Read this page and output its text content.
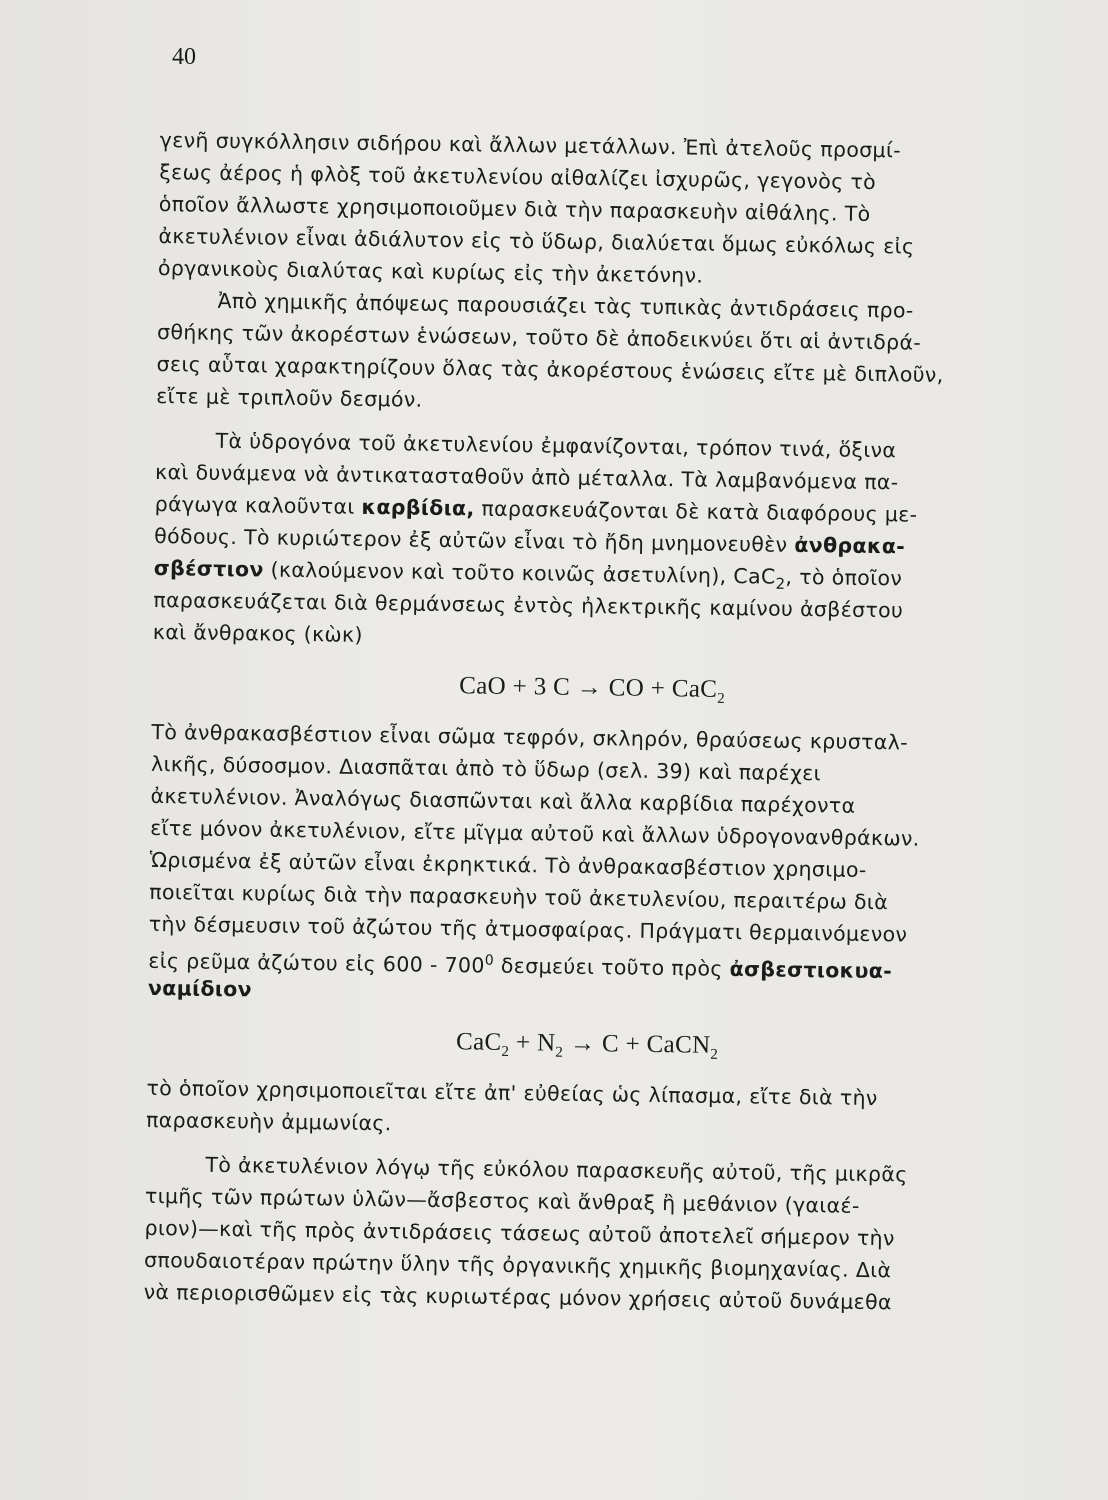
40
γενῆ συγκόλλησιν σιδήρου καὶ ἄλλων μετάλλων. Ἐπὶ ἀτελοῦς προσμί-
ξεως ἀέρος ἡ φλὸξ τοῦ ἀκετυλενίου αἰθαλίζει ἰσχυρῶς, γεγονὸς τὸ
ὁποῖον ἄλλωστε χρησιμοποιοῦμεν διὰ τὴν παρασκευὴν αἰθάλης. Τὸ
ἀκετυλένιον εἶναι ἀδιάλυτον εἰς τὸ ὕδωρ, διαλύεται ὅμως εὐκόλως εἰς
ὀργανικοὺς διαλύτας καὶ κυρίως εἰς τὴν ἀκετόνην.
Ἀπὸ χημικῆς ἀπόψεως παρουσιάζει τὰς τυπικὰς ἀντιδράσεις προ-
σθήκης τῶν ἀκορέστων ἑνώσεων, τοῦτο δὲ ἀποδεικνύει ὅτι αἱ ἀντιδρά-
σεις αὗται χαρακτηρίζουν ὅλας τὰς ἀκορέστους ἑνώσεις εἴτε μὲ διπλοῦν,
εἴτε μὲ τριπλοῦν δεσμόν.
Τὰ ὑδρογόνα τοῦ ἀκετυλενίου ἐμφανίζονται, τρόπον τινά, ὅξινα
καὶ δυνάμενα νὰ ἀντικατασταθοῦν ἀπὸ μέταλλα. Τὰ λαμβανόμενα πα-
ράγωγα καλοῦνται καρβίδια, παρασκευάζονται δὲ κατὰ διαφόρους με-
θόδους. Τὸ κυριώτερον ἐξ αὐτῶν εἶναι τὸ ἤδη μνημονευθὲν ἀνθρακα-
σβέστιον (καλούμενον καὶ τοῦτο κοινῶς ἀσετυλίνη), CaC$_2$, τὸ ὁποῖον
παρασκευάζεται διὰ θερμάνσεως ἐντὸς ἠλεκτρικῆς καμίνου ἀσβέστου
καὶ ἄνθρακος (κὼκ)
CaO + 3 C → CO + CaC$_2$
Τὸ ἀνθρακασβέστιον εἶναι σῶμα τεφρόν, σκληρόν, θραύσεως κρυσταλ-
λικῆς, δύσοσμον. Διασπᾶται ἀπὸ τὸ ὕδωρ (σελ. 39) καὶ παρέχει
ἀκετυλένιον. Ἀναλόγως διασπῶνται καὶ ἄλλα καρβίδια παρέχοντα
εἴτε μόνον ἀκετυλένιον, εἴτε μῖγμα αὐτοῦ καὶ ἄλλων ὑδρογονανθράκων.
Ὡρισμένα ἐξ αὐτῶν εἶναι ἐκρηκτικά. Τὸ ἀνθρακασβέστιον χρησιμο-
ποιεῖται κυρίως διὰ τὴν παρασκευὴν τοῦ ἀκετυλενίου, περαιτέρω διὰ
τὴν δέσμευσιν τοῦ ἀζώτου τῆς ἀτμοσφαίρας. Πράγματι θερμαινόμενον
εἰς ρεῦμα ἀζώτου εἰς $600 - 700^0$ δεσμεύει τοῦτο πρὸς ἀσβεστιοκυα-
ναμίδιον
$CaC_2 + N_2 \to C$ + CaCN$_2$
τὸ ὁποῖον χρησιμοποιεῖται εἴτε ἀπ' εὐθείας ὡς λίπασμα, εἴτε διὰ τὴν
παρασκευὴν ἀμμωνίας.
Τὸ ἀκετυλένιον λόγῳ τῆς εὐκόλου παρασκευῆς αὐτοῦ, τῆς μικρᾶς
τιμῆς τῶν πρώτων ὑλῶν—ἄσβεστος καὶ ἄνθραξ ἢ μεθάνιον (γαιαέ-
ριον)—καὶ τῆς πρὸς ἀντιδράσεις τάσεως αὐτοῦ ἀποτελεῖ σήμερον τὴν
σπουδαιοτέραν πρώτην ὕλην τῆς ὀργανικῆς χημικῆς βιομηχανίας. Διὰ
νὰ περιορισθῶμεν εἰς τὰς κυριωτέρας μόνον χρήσεις αὐτοῦ δυνάμεθα
